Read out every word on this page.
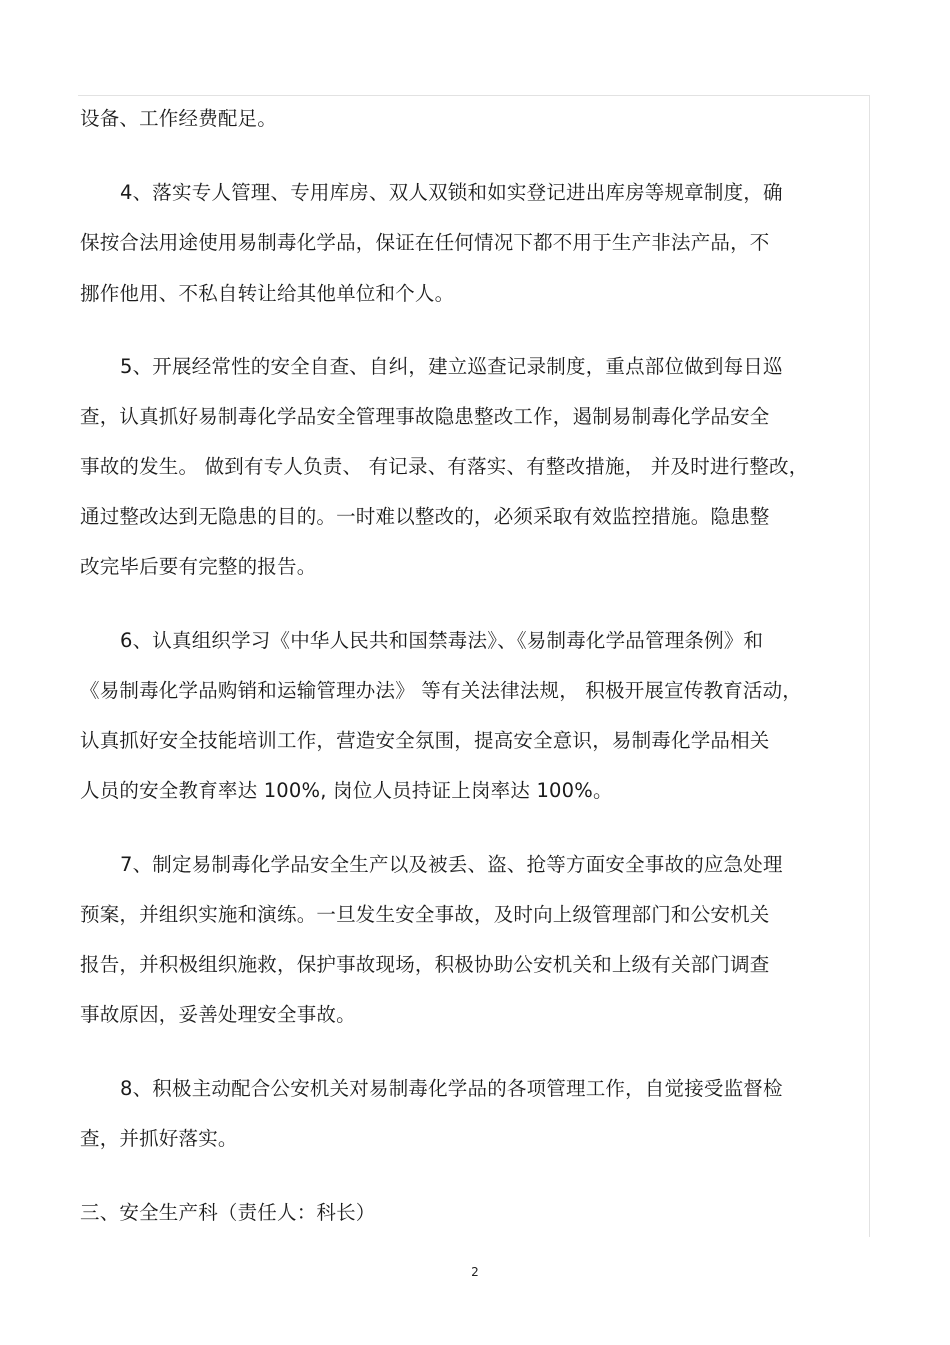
设备、工作经费配足。
4、落实专人管理、专用库房、双人双锁和如实登记进出库房等规章制度，确
保按合法用途使用易制毒化学品，保证在任何情况下都不用于生产非法产品，不
挪作他用、不私自转让给其他单位和个人。
5、开展经常性的安全自查、自纠，建立巡查记录制度，重点部位做到每日巡
查，认真抓好易制毒化学品安全管理事故隐患整改工作，遏制易制毒化学品安全
事故的发生。 做到有专人负责、 有记录、有落实、有整改措施， 并及时进行整改，
通过整改达到无隐患的目的。一时难以整改的，必须采取有效监控措施。隐患整
改完毕后要有完整的报告。
6、认真组织学习《中华人民共和国禁毒法》、《易制毒化学品管理条例》和
《易制毒化学品购销和运输管理办法》 等有关法律法规， 积极开展宣传教育活动，
认真抓好安全技能培训工作，营造安全氛围，提高安全意识，易制毒化学品相关
人员的安全教育率达 100%, 岗位人员持证上岗率达 100%。
7、制定易制毒化学品安全生产以及被丢、盗、抢等方面安全事故的应急处理
预案，并组织实施和演练。一旦发生安全事故，及时向上级管理部门和公安机关
报告，并积极组织施救，保护事故现场，积极协助公安机关和上级有关部门调查
事故原因，妥善处理安全事故。
8、积极主动配合公安机关对易制毒化学品的各项管理工作，自觉接受监督检
查，并抓好落实。
三、安全生产科（责任人：科长）
2
